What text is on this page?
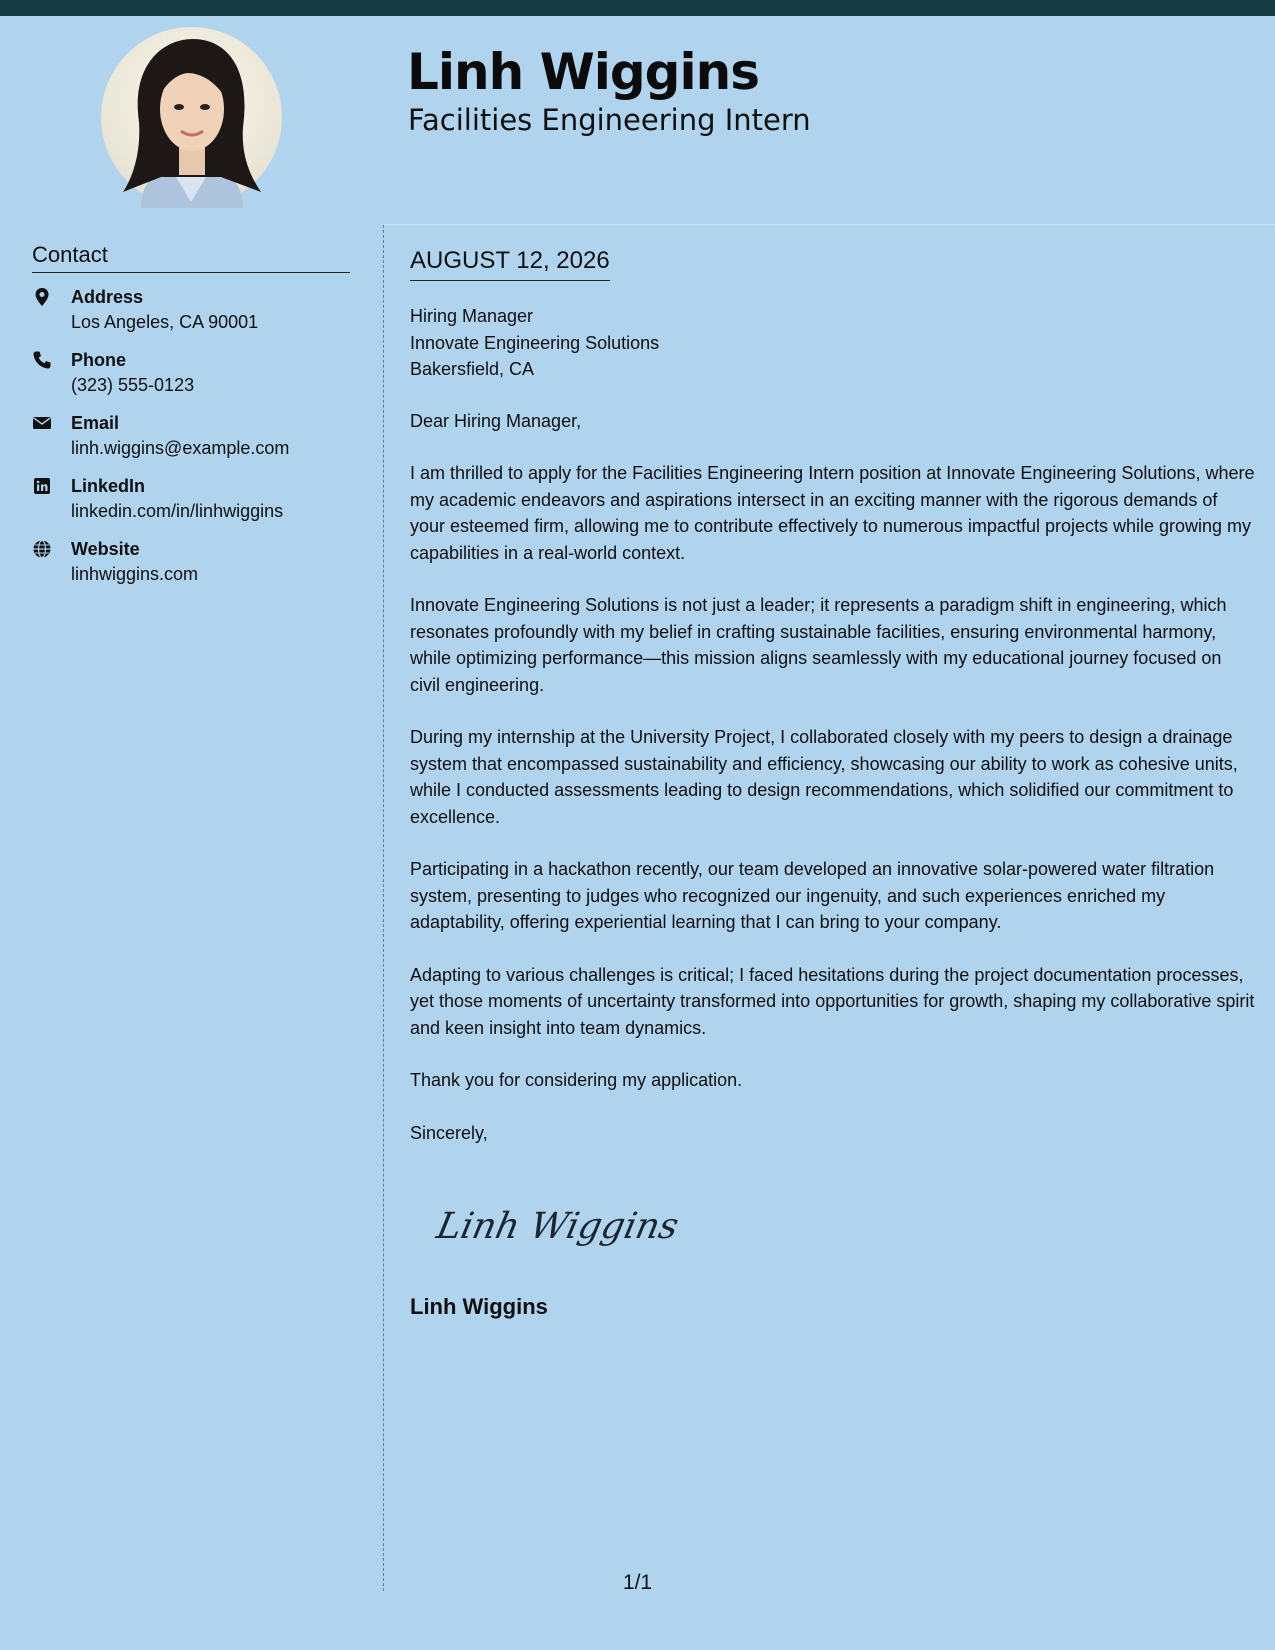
Linh Wiggins
Facilities Engineering Intern
Contact
Address
Los Angeles, CA 90001
Phone
(323) 555-0123
Email
linh.wiggins@example.com
LinkedIn
linkedin.com/in/linhwiggins
Website
linhwiggins.com
AUGUST 12, 2026
Hiring Manager
Innovate Engineering Solutions
Bakersfield, CA

Dear Hiring Manager,

I am thrilled to apply for the Facilities Engineering Intern position at Innovate Engineering Solutions, where my academic endeavors and aspirations intersect in an exciting manner with the rigorous demands of your esteemed firm, allowing me to contribute effectively to numerous impactful projects while growing my capabilities in a real-world context.

Innovate Engineering Solutions is not just a leader; it represents a paradigm shift in engineering, which resonates profoundly with my belief in crafting sustainable facilities, ensuring environmental harmony, while optimizing performance—this mission aligns seamlessly with my educational journey focused on civil engineering.

During my internship at the University Project, I collaborated closely with my peers to design a drainage system that encompassed sustainability and efficiency, showcasing our ability to work as cohesive units, while I conducted assessments leading to design recommendations, which solidified our commitment to excellence.

Participating in a hackathon recently, our team developed an innovative solar-powered water filtration system, presenting to judges who recognized our ingenuity, and such experiences enriched my adaptability, offering experiential learning that I can bring to your company.

Adapting to various challenges is critical; I faced hesitations during the project documentation processes, yet those moments of uncertainty transformed into opportunities for growth, shaping my collaborative spirit and keen insight into team dynamics.

Thank you for considering my application.

Sincerely,

Linh Wiggins
Linh Wiggins
1/1
